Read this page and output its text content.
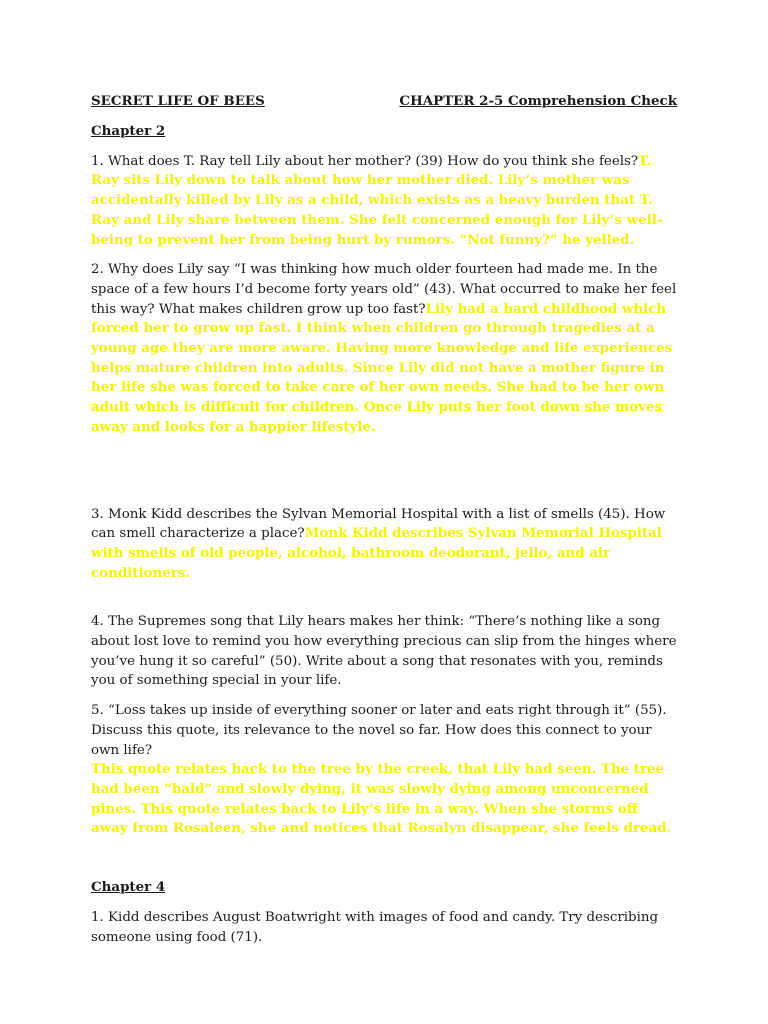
SECRET LIFE OF BEES	CHAPTER 2-5 Comprehension Check

Chapter 2

1. What does T. Ray tell Lily about her mother? (39) How do you think she feels?T. Ray sits Lily down to talk about how her mother died. Lily’s mother was accidentally killed by Lily as a child, which exists as a heavy burden that T. Ray and Lily share between them. She felt concerned enough for Lily’s well-being to prevent her from being hurt by rumors. “Not funny?” he yelled.

2. Why does Lily say “I was thinking how much older fourteen had made me. In the space of a few hours I’d become forty years old” (43). What occurred to make her feel this way? What makes children grow up too fast?Lily had a hard childhood which forced her to grow up fast. I think when children go through tragedies at a young age they are more aware. Having more knowledge and life experiences helps mature children into adults. Since Lily did not have a mother figure in her life she was forced to take care of her own needs. She had to be her own adult which is difficult for children. Once Lily puts her foot down she moves away and looks for a happier lifestyle.

3. Monk Kidd describes the Sylvan Memorial Hospital with a list of smells (45). How can smell characterize a place?Monk Kidd describes Sylvan Memorial Hospital with smells of old people, alcohol, bathroom deodorant, jello, and air conditioners.

4. The Supremes song that Lily hears makes her think: “There’s nothing like a song about lost love to remind you how everything precious can slip from the hinges where you’ve hung it so careful” (50). Write about a song that resonates with you, reminds you of something special in your life.

5. “Loss takes up inside of everything sooner or later and eats right through it” (55). Discuss this quote, its relevance to the novel so far. How does this connect to your own life?
This quote relates back to the tree by the creek, that Lily had seen. The tree had been “bald” and slowly dying, it was slowly dying among unconcerned pines. This quote relates back to Lily’s life in a way. When she storms off away from Rosaleen, she and notices that Rosalyn disappear, she feels dread.

Chapter 4

1. Kidd describes August Boatwright with images of food and candy. Try describing someone using food (71).
